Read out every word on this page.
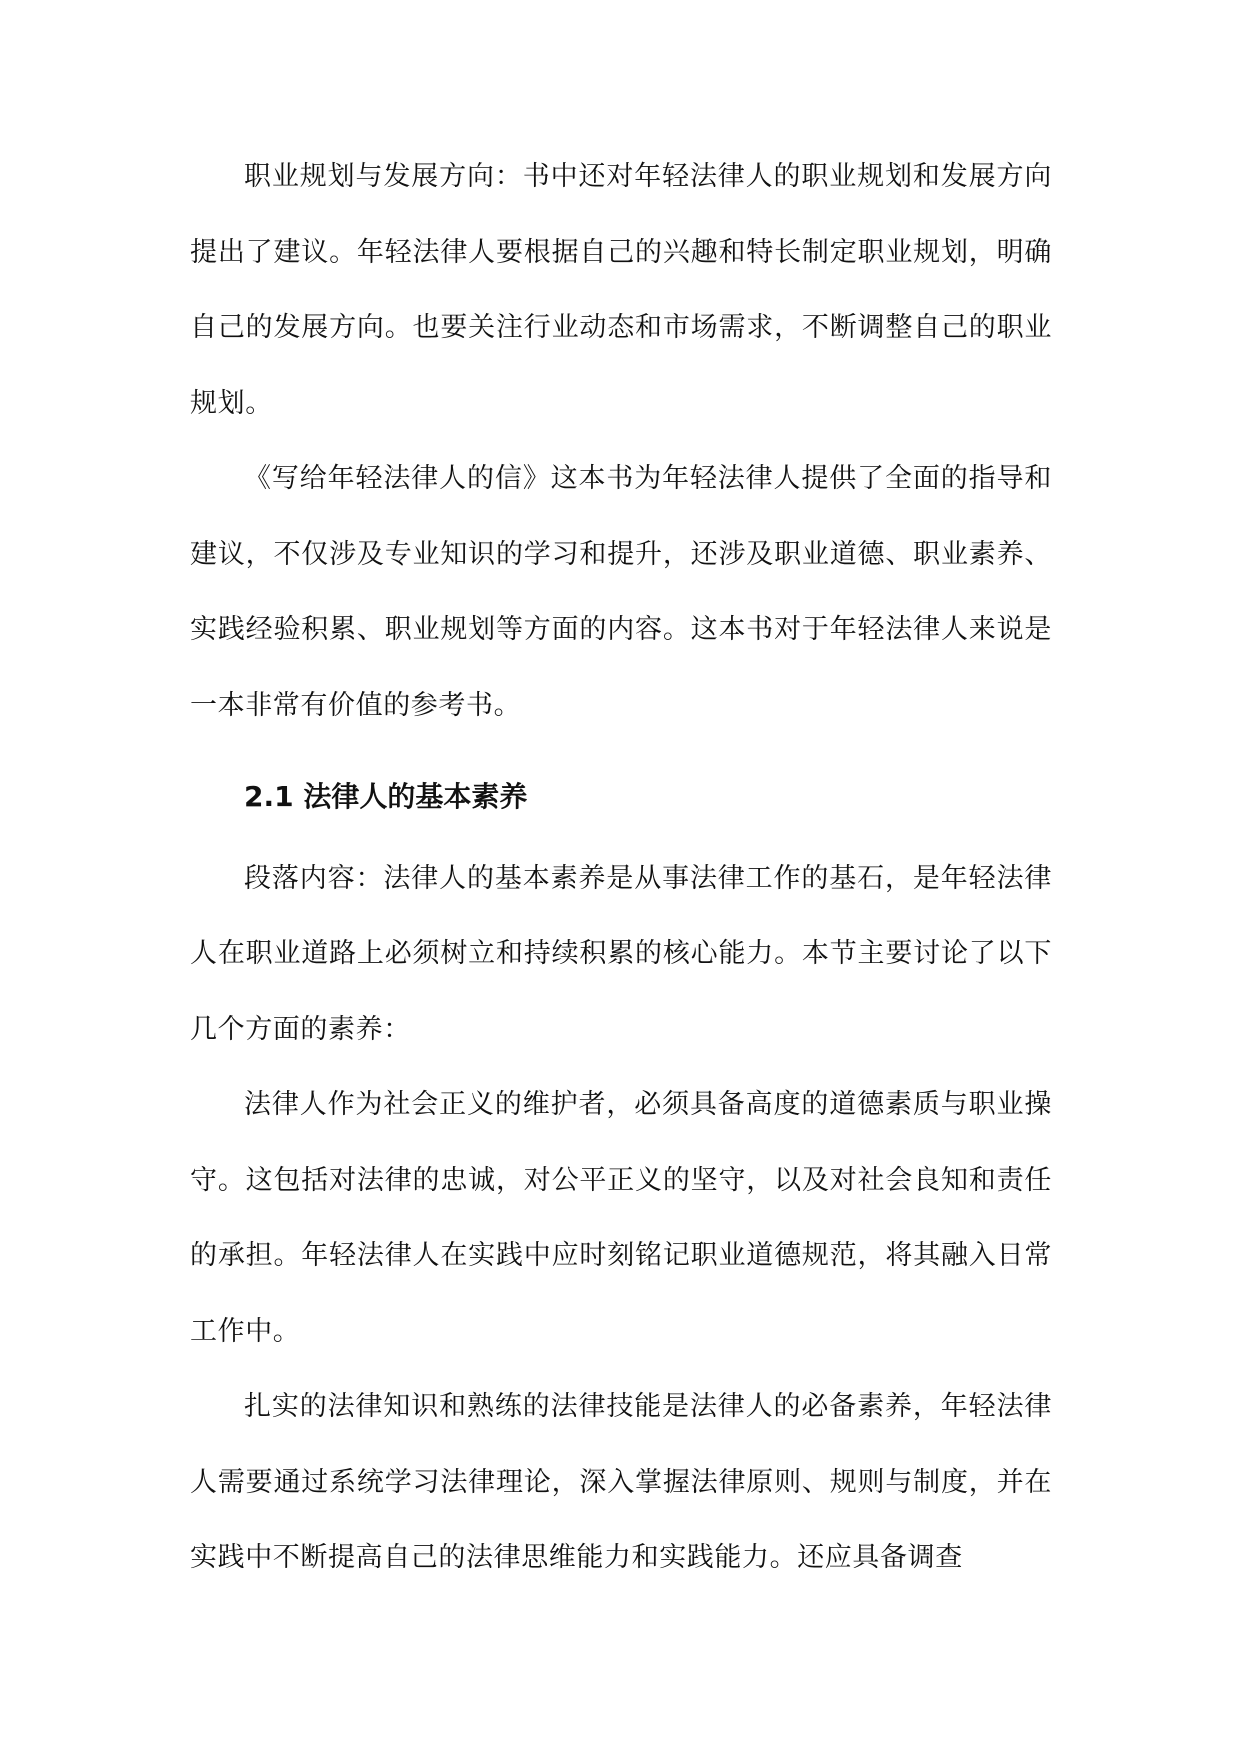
职业规划与发展方向：书中还对年轻法律人的职业规划和发展方向提出了建议。年轻法律人要根据自己的兴趣和特长制定职业规划，明确自己的发展方向。也要关注行业动态和市场需求，不断调整自己的职业规划。

《写给年轻法律人的信》这本书为年轻法律人提供了全面的指导和建议，不仅涉及专业知识的学习和提升，还涉及职业道德、职业素养、实践经验积累、职业规划等方面的内容。这本书对于年轻法律人来说是一本非常有价值的参考书。

2.1 法律人的基本素养

段落内容：法律人的基本素养是从事法律工作的基石，是年轻法律人在职业道路上必须树立和持续积累的核心能力。本节主要讨论了以下几个方面的素养：

法律人作为社会正义的维护者，必须具备高度的道德素质与职业操守。这包括对法律的忠诚，对公平正义的坚守，以及对社会良知和责任的承担。年轻法律人在实践中应时刻铭记职业道德规范，将其融入日常工作中。

扎实的法律知识和熟练的法律技能是法律人的必备素养，年轻法律人需要通过系统学习法律理论，深入掌握法律原则、规则与制度，并在实践中不断提高自己的法律思维能力和实践能力。还应具备调查
